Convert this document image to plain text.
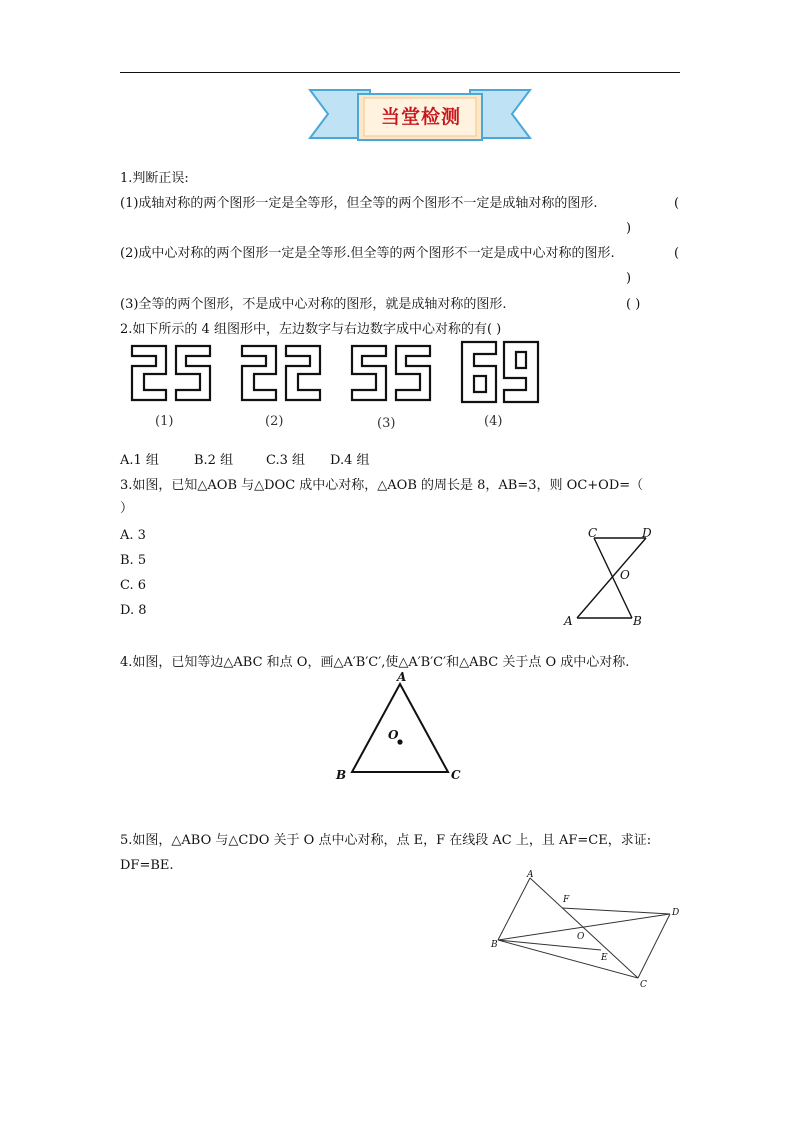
当堂检测
1.判断正误:
(1)成轴对称的两个图形一定是全等形，但全等的两个图形不一定是成轴对称的图形.	(
)
(2)成中心对称的两个图形一定是全等形.但全等的两个图形不一定是成中心对称的图形.	(
)
(3)全等的两个图形，不是成中心对称的图形，就是成轴对称的图形.	( )
2.如下所示的 4 组图形中，左边数字与右边数字成中心对称的有( )
(1)	(2)	(3)	(4)
A.1 组	B.2 组	C.3 组 D.4 组
3.如图，已知△AOB 与△DOC 成中心对称，△AOB 的周长是 8，AB=3，则 OC+OD=（
）
A. 3
B. 5
C. 6
D. 8
C	D
O
A	B
4.如图，已知等边△ABC 和点 O，画△A′B′C′,使△A′B′C′和△ABC 关于点 O 成中心对称.
A
B	C
O
5.如图，△ABO 与△CDO 关于 O 点中心对称，点 E，F 在线段 AC 上，且 AF=CE，求证:
DF=BE.
A
F
D
B
O
E
C
